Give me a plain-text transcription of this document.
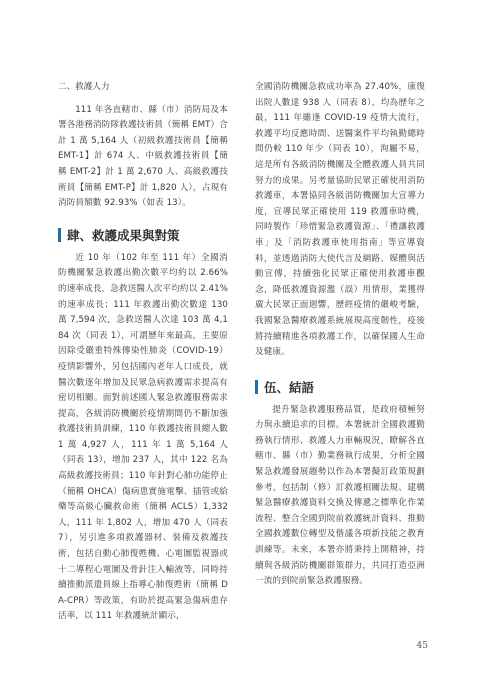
二、救護人力

111 年各直轄市、縣（市）消防局及本署各港務消防隊救護技術員（簡稱 EMT）合計 1 萬 5,164 人（初級救護技術員【簡稱 EMT-1】計 674 人、中級救護技術員【簡稱 EMT-2】計 1 萬 2,670 人、高級救護技術員【簡稱 EMT-P】計 1,820 人），占現有消防員額數 92.93%（如表 13）。

肆、救護成果與對策

近 10 年（102 年至 111 年）全國消防機關緊急救護出勤次數平均約以 2.66% 的速率成長，急救送醫人次平均約以 2.41% 的速率成長；111 年救護出勤次數達 130 萬 7,594 次，急救送醫人次達 103 萬 4,184 次（同表 1），可謂歷年來最高，主要原因除受嚴重特殊傳染性肺炎（COVID-19）疫情影響外，另包括國內老年人口成長，就醫次數逐年增加及民眾急病救護需求提高有密切相關。面對前述國人緊急救護服務需求提高，各級消防機關於疫情期間仍不斷加強救護技術員訓練，110 年救護技術員總人數 1 萬 4,927 人，111 年 1 萬 5,164 人（同表 13），增加 237 人，其中 122 名為高級救護技術員；110 年針對心肺功能停止（簡稱 OHCA）傷病患實施電擊、插管或給藥等高級心臟救命術（簡稱 ACLS）1,332 人，111 年 1,802 人，增加 470 人（同表 7），另引進多項救護器材、裝備及救護技術，包括自動心肺復甦機、心電圖監視器或十二導程心電圖及骨針注入輸液等，同時持續推動派遣員線上指導心肺復甦術（簡稱 DA-CPR）等政策，有助於提高緊急傷病患存活率，以 111 年救護統計顯示，

全國消防機關急救成功率為 27.40%，康復出院人數達 938 人（同表 8），均為歷年之最，111 年雖逢 COVID-19 疫情大流行，救護平均反應時間、送醫案件平均執勤總時間仍較 110 年少（同表 10），洵屬不易，這是所有各級消防機關及全體救護人員共同努力的成果。另考量協助民眾正確使用消防救護車，本署協同各級消防機關加大宣導力度，宣導民眾正確使用 119 救護車時機，同時製作「珍惜緊急救護資源」、「禮讓救護車」及「消防救護車使用指南」等宣導資料，並透過消防大使代言及網路、媒體與活動宣傳，持續強化民眾正確使用救護車觀念，降低救護資源濫（誤）用情形，業獲得廣大民眾正面迴響，歷經疫情的嚴峻考驗，我國緊急醫療救護系統展現高度韌性，疫後將持續精進各項救護工作，以確保國人生命及健康。

伍、結語

提升緊急救護服務品質，是政府積極努力與永續追求的目標。本署統計全國救護勤務執行情形、救護人力車輛現況，瞭解各直轄市、縣（市）勤業務執行成果，分析全國緊急救護發展趨勢以作為本署擬訂政策規劃參考，包括制（修）訂救護相關法規、建構緊急醫療救護資料交換及傳遞之標準化作業流程、整合全國到院前救護統計資料、推動全國救護數位轉型及偕議各項新技能之教育訓練等。未來，本署亦將秉持上開精神，持續與各級消防機關群策群力，共同打造亞洲一流的到院前緊急救護服務。

45
